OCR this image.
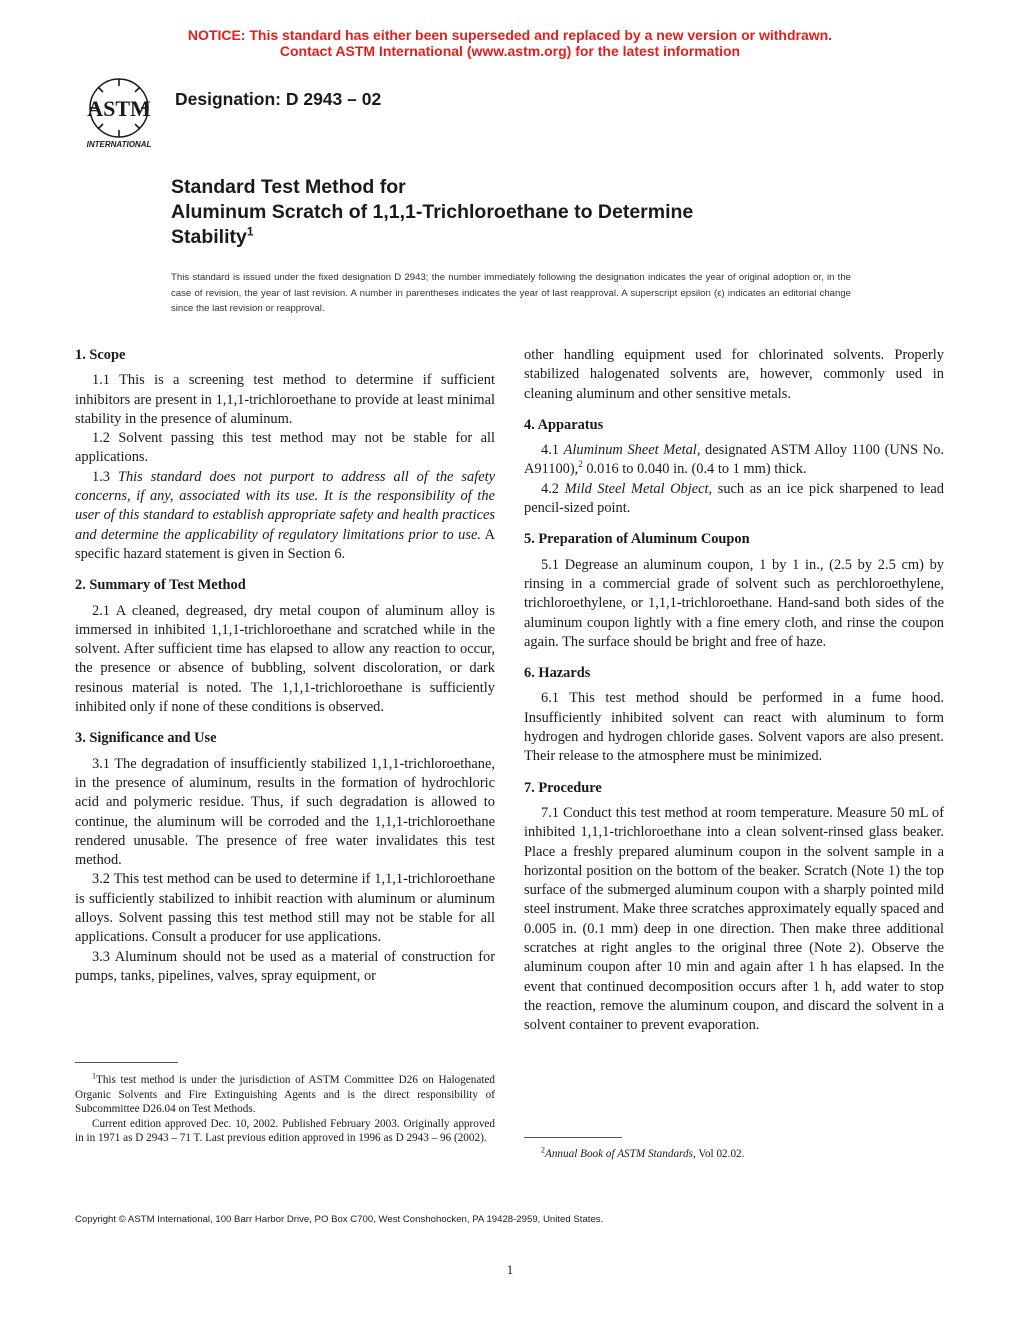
NOTICE: This standard has either been superseded and replaced by a new version or withdrawn.
Contact ASTM International (www.astm.org) for the latest information
ASTM
INTERNATIONAL
Designation: D 2943 – 02
Standard Test Method for
Aluminum Scratch of 1,1,1-Trichloroethane to Determine
Stability$^1$
This standard is issued under the fixed designation D 2943; the number immediately following the designation indicates the year of original adoption or, in the case of revision, the year of last revision. A number in parentheses indicates the year of last reapproval. A superscript epsilon (ϵ) indicates an editorial change since the last revision or reapproval.
1. Scope

1.1 This is a screening test method to determine if sufficient inhibitors are present in 1,1,1-trichloroethane to provide at least minimal stability in the presence of aluminum.

1.2 Solvent passing this test method may not be stable for all applications.

1.3 This standard does not purport to address all of the safety concerns, if any, associated with its use. It is the responsibility of the user of this standard to establish appropriate safety and health practices and determine the applicability of regulatory limitations prior to use. A specific hazard statement is given in Section 6.

2. Summary of Test Method

2.1 A cleaned, degreased, dry metal coupon of aluminum alloy is immersed in inhibited 1,1,1-trichloroethane and scratched while in the solvent. After sufficient time has elapsed to allow any reaction to occur, the presence or absence of bubbling, solvent discoloration, or dark resinous material is noted. The 1,1,1-trichloroethane is sufficiently inhibited only if none of these conditions is observed.

3. Significance and Use

3.1 The degradation of insufficiently stabilized 1,1,1-trichloroethane, in the presence of aluminum, results in the formation of hydrochloric acid and polymeric residue. Thus, if such degradation is allowed to continue, the aluminum will be corroded and the 1,1,1-trichloroethane rendered unusable. The presence of free water invalidates this test method.

3.2 This test method can be used to determine if 1,1,1-trichloroethane is sufficiently stabilized to inhibit reaction with aluminum or aluminum alloys. Solvent passing this test method still may not be stable for all applications. Consult a producer for use applications.

3.3 Aluminum should not be used as a material of construction for pumps, tanks, pipelines, valves, spray equipment, or

$^1$This test method is under the jurisdiction of ASTM Committee D26 on Halogenated Organic Solvents and Fire Extinguishing Agents and is the direct responsibility of Subcommittee D26.04 on Test Methods.

Current edition approved Dec. 10, 2002. Published February 2003. Originally approved in in 1971 as D 2943 – 71 T. Last previous edition approved in 1996 as D 2943 – 96 (2002).

other handling equipment used for chlorinated solvents. Properly stabilized halogenated solvents are, however, commonly used in cleaning aluminum and other sensitive metals.

4. Apparatus

4.1 Aluminum Sheet Metal, designated ASTM Alloy 1100 (UNS No. A91100),$^2$ 0.016 to 0.040 in. (0.4 to 1 mm) thick.

4.2 Mild Steel Metal Object, such as an ice pick sharpened to lead pencil-sized point.

5. Preparation of Aluminum Coupon

5.1 Degrease an aluminum coupon, 1 by 1 in., (2.5 by 2.5 cm) by rinsing in a commercial grade of solvent such as perchloroethylene, trichloroethylene, or 1,1,1-trichloroethane. Hand-sand both sides of the aluminum coupon lightly with a fine emery cloth, and rinse the coupon again. The surface should be bright and free of haze.

6. Hazards

6.1 This test method should be performed in a fume hood. Insufficiently inhibited solvent can react with aluminum to form hydrogen and hydrogen chloride gases. Solvent vapors are also present. Their release to the atmosphere must be minimized.

7. Procedure

7.1 Conduct this test method at room temperature. Measure 50 mL of inhibited 1,1,1-trichloroethane into a clean solvent-rinsed glass beaker. Place a freshly prepared aluminum coupon in the solvent sample in a horizontal position on the bottom of the beaker. Scratch (Note 1) the top surface of the submerged aluminum coupon with a sharply pointed mild steel instrument. Make three scratches approximately equally spaced and 0.005 in. (0.1 mm) deep in one direction. Then make three additional scratches at right angles to the original three (Note 2). Observe the aluminum coupon after 10 min and again after 1 h has elapsed. In the event that continued decomposition occurs after 1 h, add water to stop the reaction, remove the aluminum coupon, and discard the solvent in a solvent container to prevent evaporation.

$^2$Annual Book of ASTM Standards, Vol 02.02.

Copyright © ASTM International, 100 Barr Harbor Drive, PO Box C700, West Conshohocken, PA 19428-2959, United States.
1
